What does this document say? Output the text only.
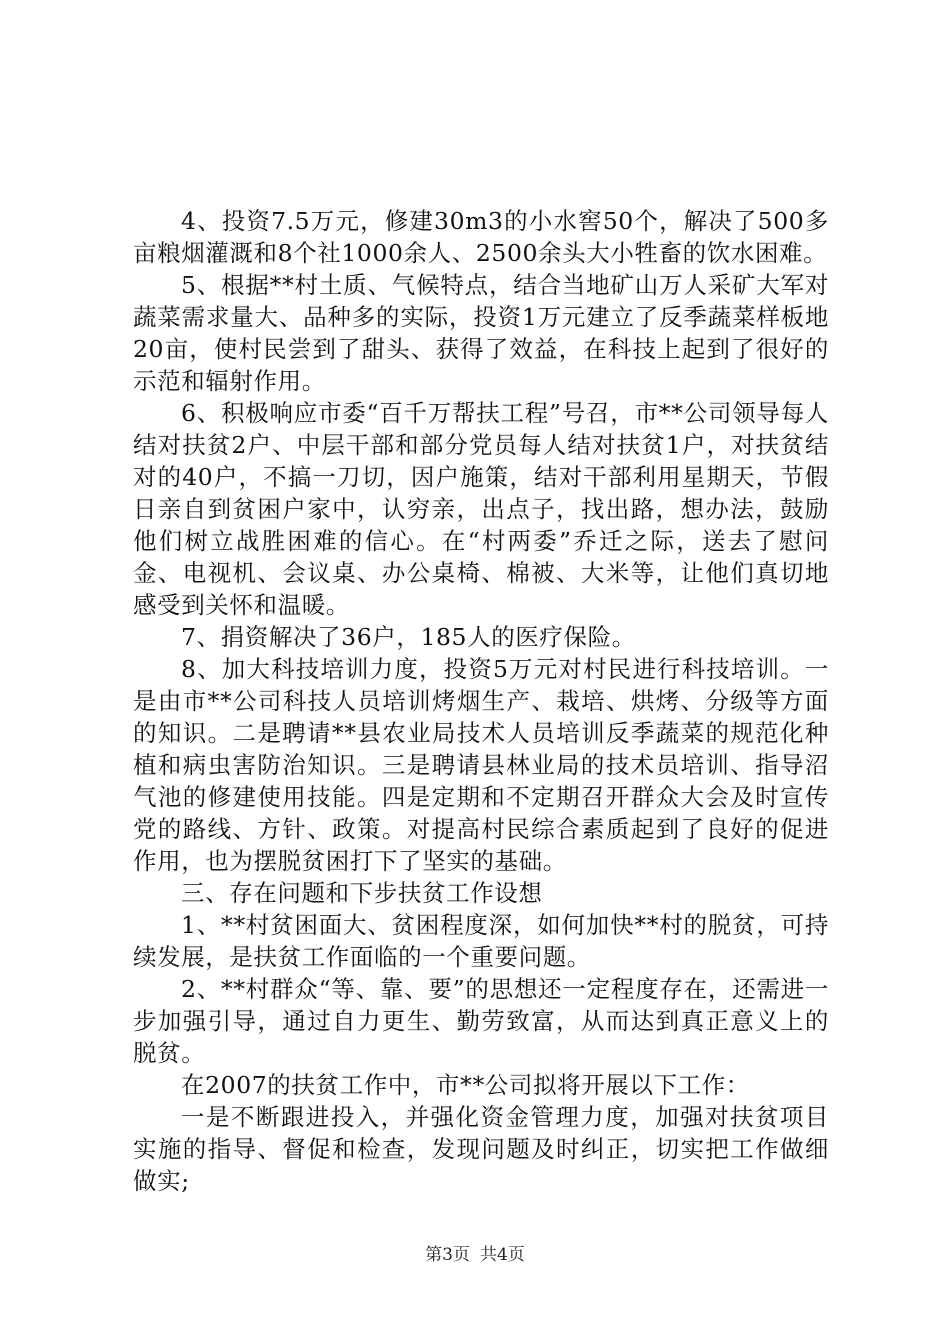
4、投资7.5万元，修建30m3的小水窖50个，解决了500多亩粮烟灌溉和8个社1000余人、2500余头大小牲畜的饮水困难。

5、根据**村土质、气候特点，结合当地矿山万人采矿大军对蔬菜需求量大、品种多的实际，投资1万元建立了反季蔬菜样板地20亩，使村民尝到了甜头、获得了效益，在科技上起到了很好的示范和辐射作用。

6、积极响应市委“百千万帮扶工程”号召，市**公司领导每人结对扶贫2户、中层干部和部分党员每人结对扶贫1户，对扶贫结对的40户，不搞一刀切，因户施策，结对干部利用星期天，节假日亲自到贫困户家中，认穷亲，出点子，找出路，想办法，鼓励他们树立战胜困难的信心。在“村两委”乔迁之际，送去了慰问金、电视机、会议桌、办公桌椅、棉被、大米等，让他们真切地感受到关怀和温暖。

7、捐资解决了36户，185人的医疗保险。

8、加大科技培训力度，投资5万元对村民进行科技培训。一是由市**公司科技人员培训烤烟生产、栽培、烘烤、分级等方面的知识。二是聘请**县农业局技术人员培训反季蔬菜的规范化种植和病虫害防治知识。三是聘请县林业局的技术员培训、指导沼气池的修建使用技能。四是定期和不定期召开群众大会及时宣传党的路线、方针、政策。对提高村民综合素质起到了良好的促进作用，也为摆脱贫困打下了坚实的基础。

三、存在问题和下步扶贫工作设想

1、**村贫困面大、贫困程度深，如何加快**村的脱贫，可持续发展，是扶贫工作面临的一个重要问题。

2、**村群众“等、靠、要”的思想还一定程度存在，还需进一步加强引导，通过自力更生、勤劳致富，从而达到真正意义上的脱贫。

在2007的扶贫工作中，市**公司拟将开展以下工作：

一是不断跟进投入，并强化资金管理力度，加强对扶贫项目实施的指导、督促和检查，发现问题及时纠正，切实把工作做细做实;

第3页 共4页
